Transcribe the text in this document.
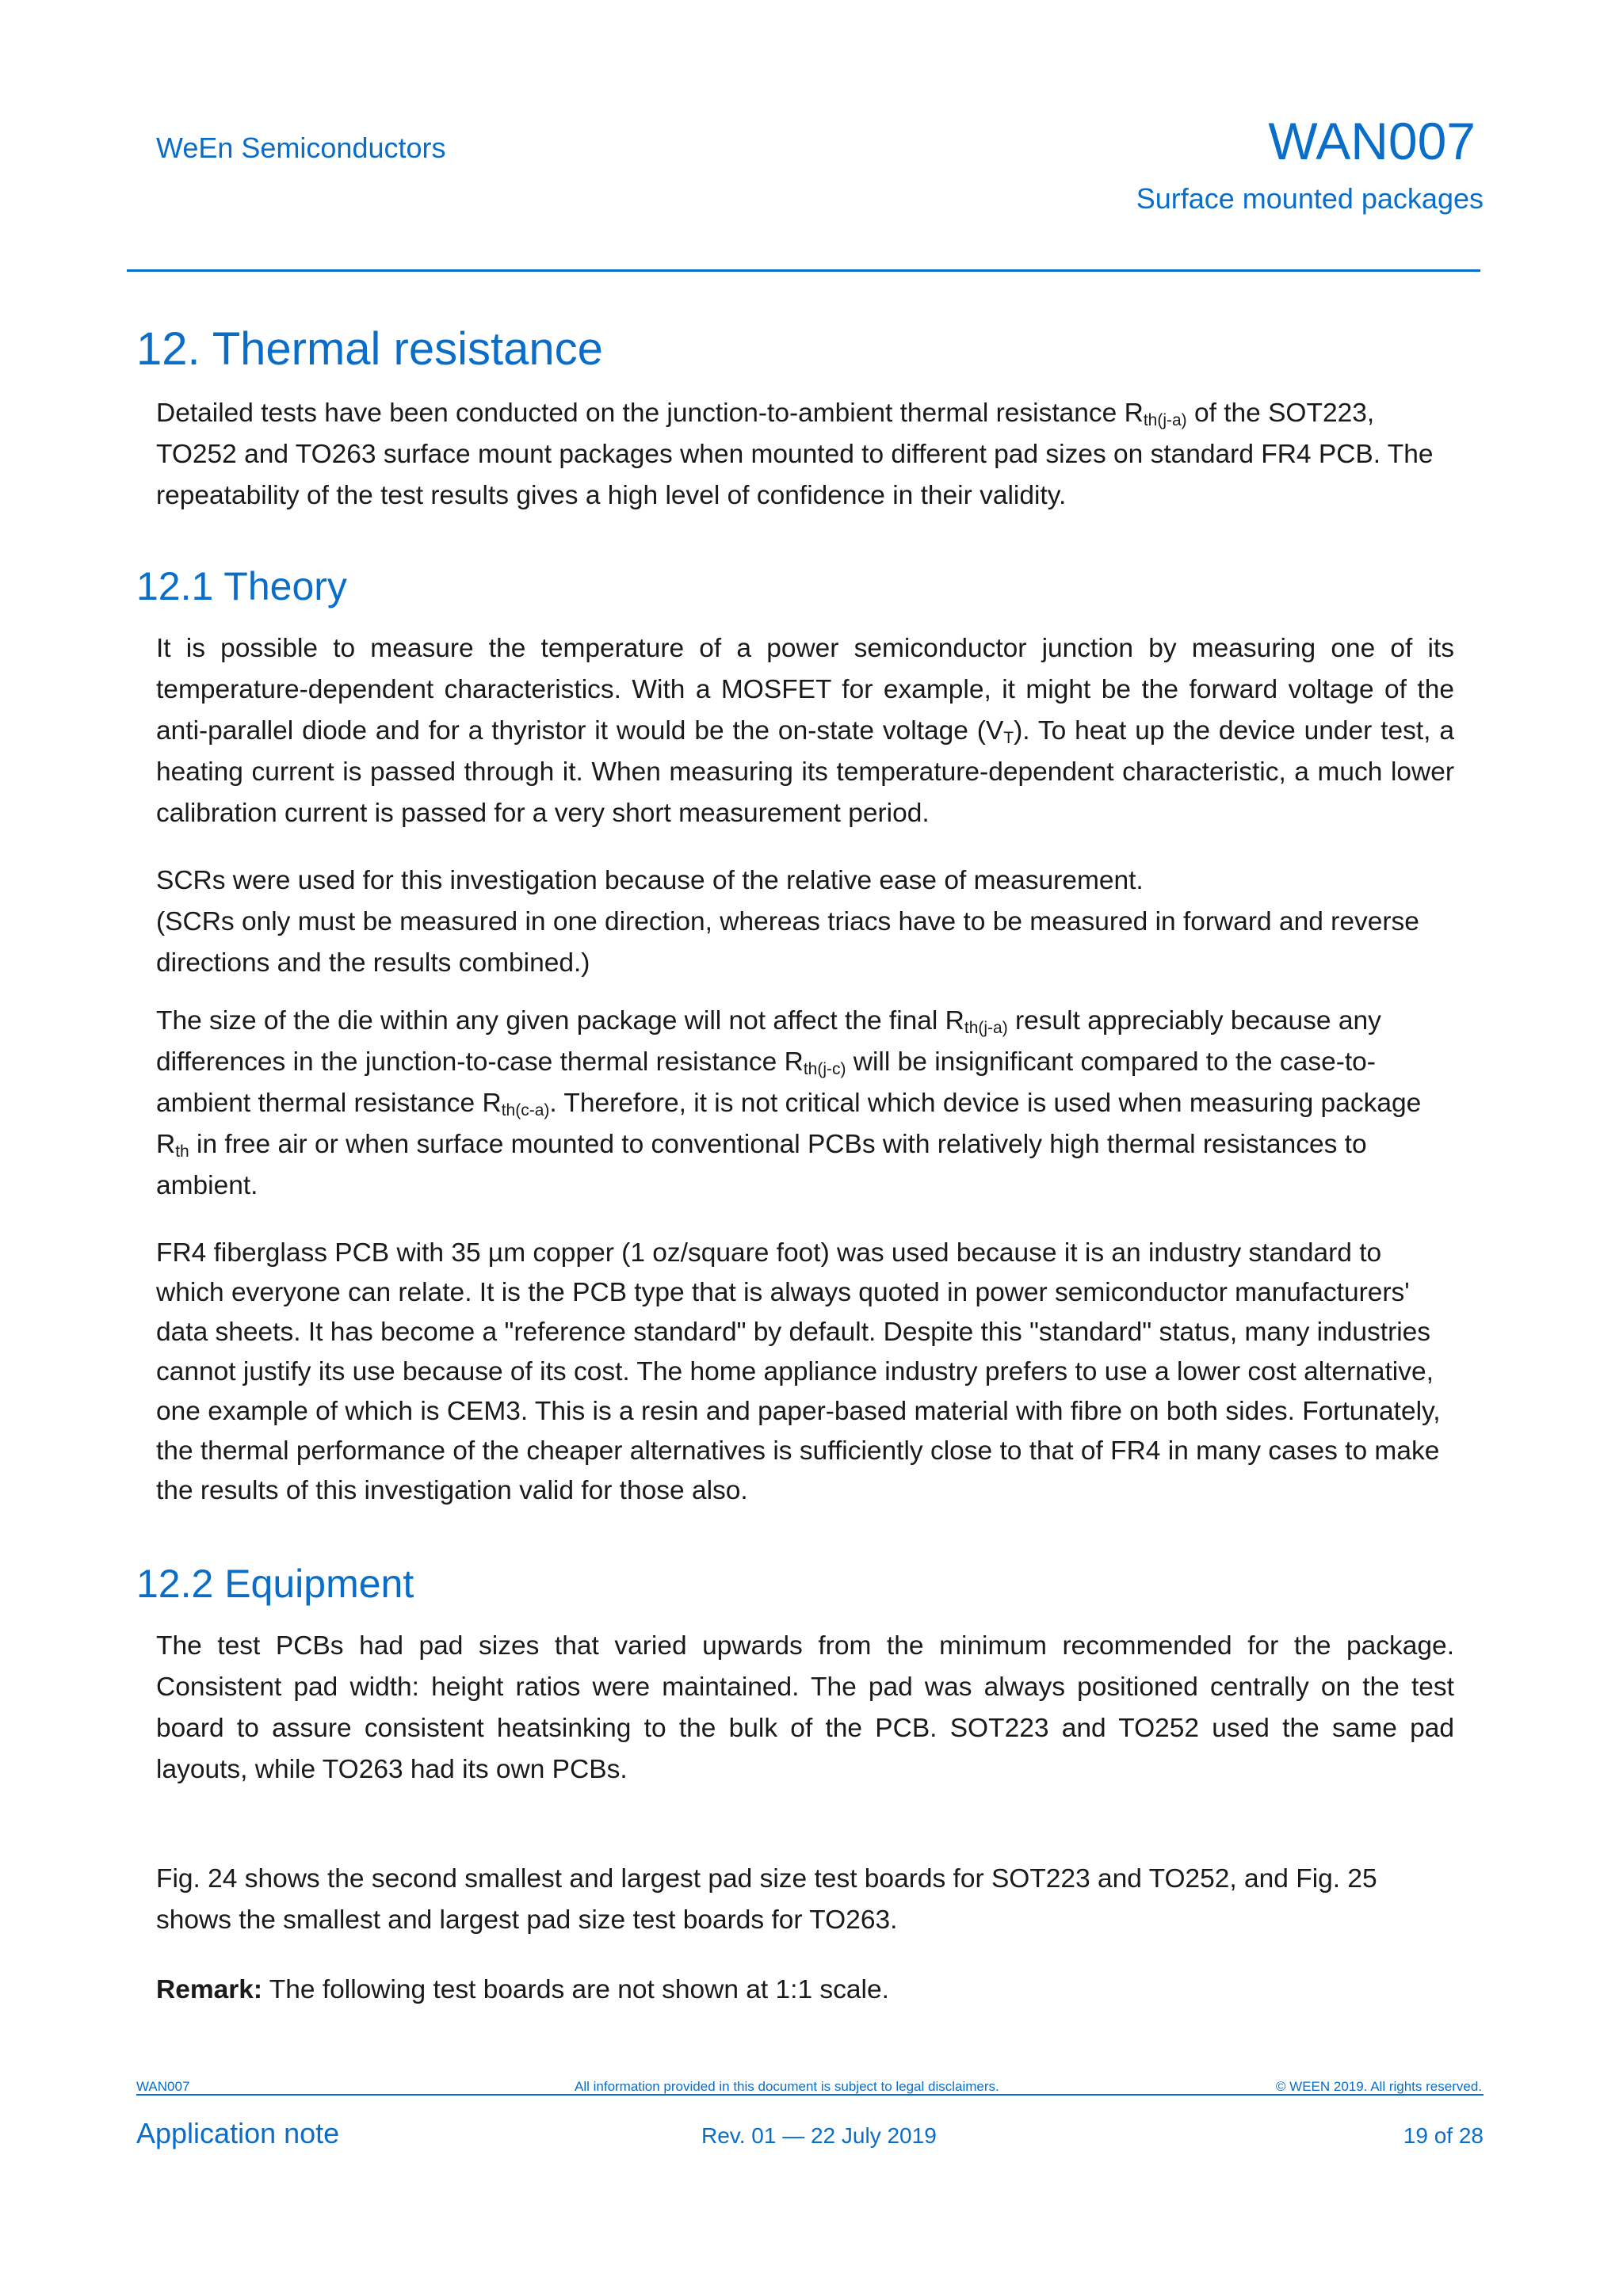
WeEn Semiconductors	WAN007
Surface mounted packages
12. Thermal resistance

Detailed tests have been conducted on the junction-to-ambient thermal resistance $R_{th(j-a)}$ of the SOT223, TO252 and TO263 surface mount packages when mounted to different pad sizes on standard FR4 PCB. The repeatability of the test results gives a high level of confidence in their validity.

12.1 Theory

It is possible to measure the temperature of a power semiconductor junction by measuring one of its temperature-dependent characteristics. With a MOSFET for example, it might be the forward voltage of the anti-parallel diode and for a thyristor it would be the on-state voltage $(V_T)$. To heat up the device under test, a heating current is passed through it. When measuring its temperature-dependent characteristic, a much lower calibration current is passed for a very short measurement period.

SCRs were used for this investigation because of the relative ease of measurement.
(SCRs only must be measured in one direction, whereas triacs have to be measured in forward and reverse directions and the results combined.)

The size of the die within any given package will not affect the final $R_{th(j-a)}$ result appreciably because any differences in the junction-to-case thermal resistance $R_{th(j-c)}$ will be insignificant compared to the case-to-ambient thermal resistance $R_{th(c-a)}$. Therefore, it is not critical which device is used when measuring package $R_{th}$ in free air or when surface mounted to conventional PCBs with relatively high thermal resistances to ambient.

FR4 fiberglass PCB with 35 µm copper (1 oz/square foot) was used because it is an industry standard to which everyone can relate. It is the PCB type that is always quoted in power semiconductor manufacturers' data sheets. It has become a "reference standard" by default. Despite this "standard" status, many industries cannot justify its use because of its cost. The home appliance industry prefers to use a lower cost alternative, one example of which is CEM3. This is a resin and paper-based material with fibre on both sides. Fortunately, the thermal performance of the cheaper alternatives is sufficiently close to that of FR4 in many cases to make the results of this investigation valid for those also.

12.2 Equipment

The test PCBs had pad sizes that varied upwards from the minimum recommended for the package. Consistent pad width: height ratios were maintained. The pad was always positioned centrally on the test board to assure consistent heatsinking to the bulk of the PCB. SOT223 and TO252 used the same pad layouts, while TO263 had its own PCBs.

Fig. 24 shows the second smallest and largest pad size test boards for SOT223 and TO252, and Fig. 25 shows the smallest and largest pad size test boards for TO263.

Remark: The following test boards are not shown at 1:1 scale.

WAN007	All information provided in this document is subject to legal disclaimers.	© WEEN 2019. All rights reserved.
Application note	Rev. 01 — 22 July 2019	19 of 28
